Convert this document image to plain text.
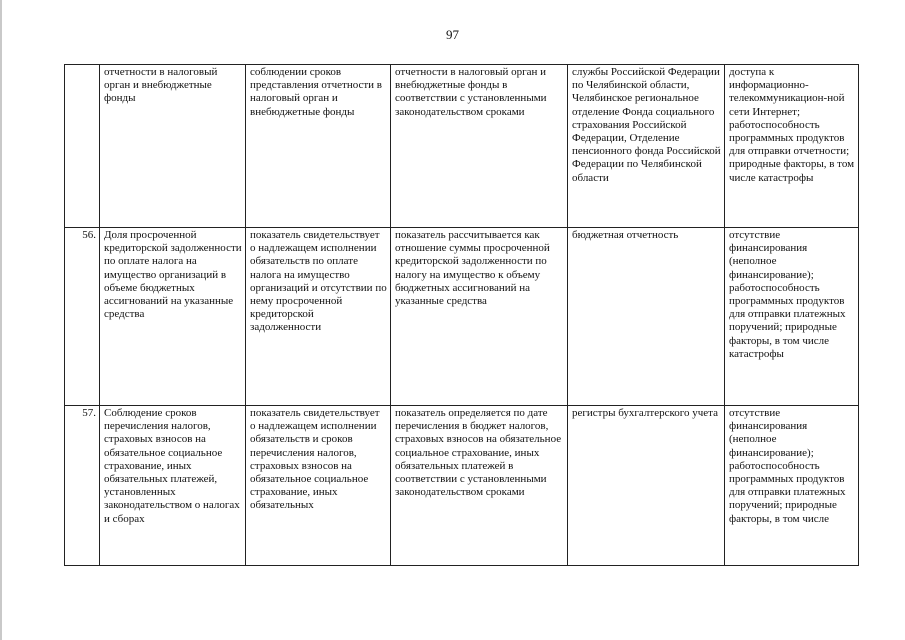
97
	отчетности в налоговый орган и внебюджетные фонды	соблюдении сроков представления отчетности в налоговый орган и внебюджетные фонды	отчетности в налоговый орган и внебюджетные фонды в соответствии с установленными законодательством сроками	службы Российской Федерации по Челябинской области, Челябинское региональное отделение Фонда социального страхования Российской Федерации, Отделение пенсионного фонда Российской Федерации по Челябинской области	доступа к информационно-телекоммуникацион-ной сети Интернет; работоспособность программных продуктов для отправки отчетности; природные факторы, в том числе катастрофы
56.	Доля просроченной кредиторской задолженности по оплате налога на имущество организаций в объеме бюджетных ассигнований на указанные средства	показатель свидетельствует о надлежащем исполнении обязательств по оплате налога на имущество организаций и отсутствии по нему просроченной кредиторской задолженности	показатель рассчитывается как отношение суммы просроченной кредиторской задолженности по налогу на имущество к объему бюджетных ассигнований на указанные средства	бюджетная отчетность	отсутствие финансирования (неполное финансирование); работоспособность программных продуктов для отправки платежных поручений; природные факторы, в том числе катастрофы
57.	Соблюдение сроков перечисления налогов, страховых взносов на обязательное социальное страхование, иных обязательных платежей, установленных законодательством о налогах и сборах	показатель свидетельствует о надлежащем исполнении обязательств и сроков перечисления налогов, страховых взносов на обязательное социальное страхование, иных обязательных	показатель определяется по дате перечисления в бюджет налогов, страховых взносов на обязательное социальное страхование, иных обязательных платежей в соответствии с установленными законодательством сроками	регистры бухгалтерского учета	отсутствие финансирования (неполное финансирование); работоспособность программных продуктов для отправки платежных поручений; природные факторы, в том числе
